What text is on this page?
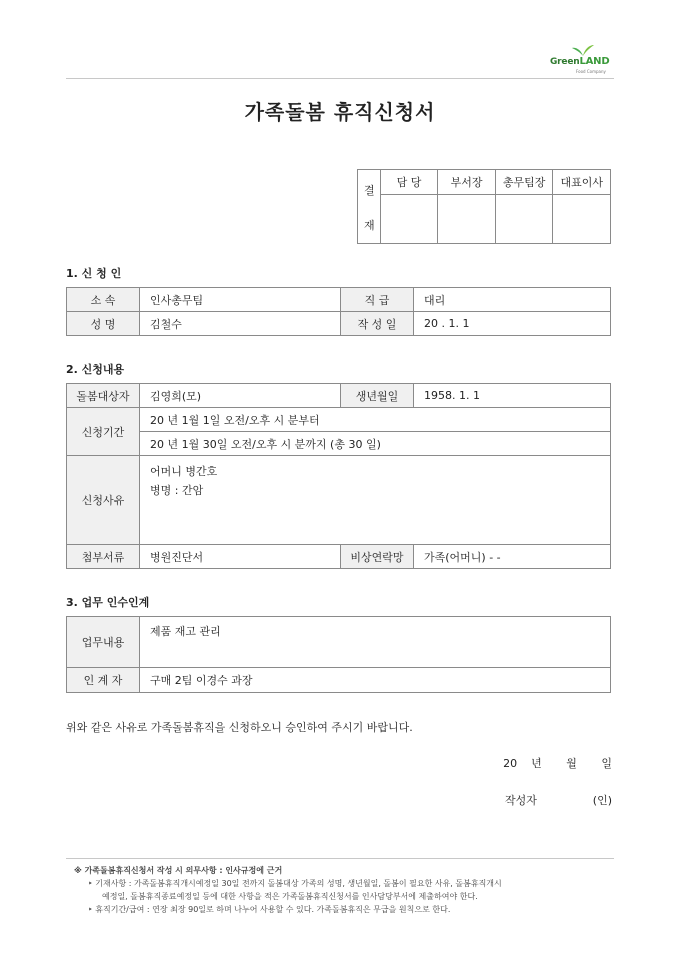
GreenLAND
Food Company
가족돌봄 휴직신청서
결
재	담 당	부서장	총무팀장	대표이사

1. 신 청 인
소 속	인사총무팀	직 급	대리
성 명	김철수	작 성 일	20 . 1. 1
2. 신청내용
돌봄대상자	김영희(모)	생년월일	1958. 1. 1
신청기간	20 년 1월 1일 오전/오후 시 분부터		
	20 년 1월 30일 오전/오후 시 분까지 (총 30 일)		
신청사유	어머니 병간호
병명 : 간암		

첨부서류	병원진단서	비상연락망	가족(어머니) - -
3. 업무 인수인계
업무내용	제품 재고 관리
인 계 자	구매 2팀 이경수 과장
위와 같은 사유로 가족돌봄휴직을 신청하오니 승인하여 주시기 바랍니다.
20    년       월       일
작성자                (인)
※ 가족돌봄휴직신청서 작성 시 의무사항 : 인사규정에 근거
‣ 기재사항 : 가족돌봄휴직개시예정일 30일 전까지 돌봄대상 가족의 성명, 생년월일, 돌봄이 필요한 사유, 돌봄휴직개시
예정일, 돌봄휴직종료예정일 등에 대한 사항을 적은 가족돌봄휴직신청서를 인사담당부서에 제출하여야 한다.
‣ 휴직기간/급여 : 연장 최장 90일로 하며 나누어 사용할 수 있다. 가족돌봄휴직은 무급을 원칙으로 한다.
